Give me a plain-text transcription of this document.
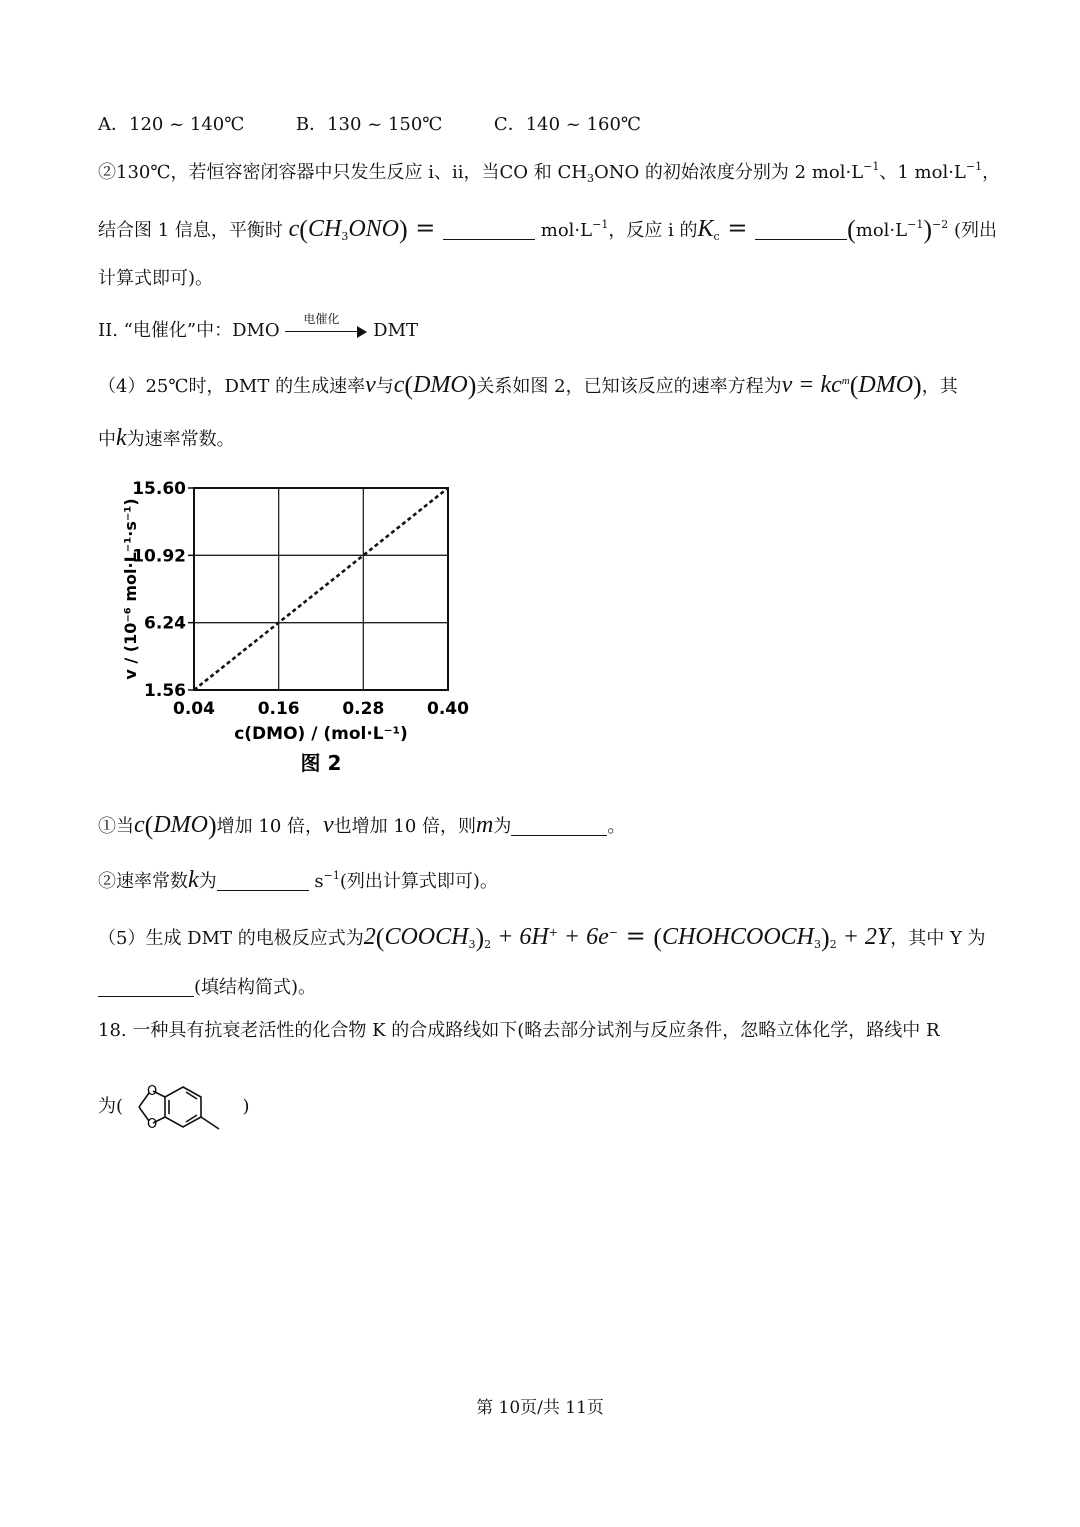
A．120 ~ 140℃	B．130 ~ 150℃	C．140 ~ 160℃
②130℃，若恒容密闭容器中只发生反应 i、ii，当CO 和 $CH_3ONO$ 的初始浓度分别为 2 $mol\cdot L^{-1}$、1 $mol\cdot L^{-1}$，
结合图 1 信息，平衡时 $c(CH_3ONO)$ =	$mol\cdot L^{-1}$，反应 i 的$K_c$ =	$(mol\cdot L^{-1})^{-2}$ (列出
计算式即可)。
II. “电催化”中：DMO
电催化
DMT
（4）25℃时，DMT 的生成速率v与c(DMO)关系如图 2，已知该反应的速率方程为$v = kc^m(DMO)$，其
中k为速率常数。
0.04	0.16	0.28	0.40
1.56
6.24
10.92
15.60
v / (10⁻⁶ mol·L⁻¹·s⁻¹)
c(DMO) / (mol·L⁻¹)
图 2
①当c(DMO)增加 10 倍，v也增加 10 倍，则m为	。
②速率常数k为	$s^{-1}$(列出计算式即可)。
（5）生成 DMT 的电极反应式为$2(COOCH_3)_2 + 6H^+ + 6e^-$ = $(CHOHCOOCH_3)_2 + 2Y$，其中 Y 为
(填结构简式)。
18. 一种具有抗衰老活性的化合物 K 的合成路线如下(略去部分试剂与反应条件，忽略立体化学，路线中 R
为(
O
O
)
第 10页/共 11页
